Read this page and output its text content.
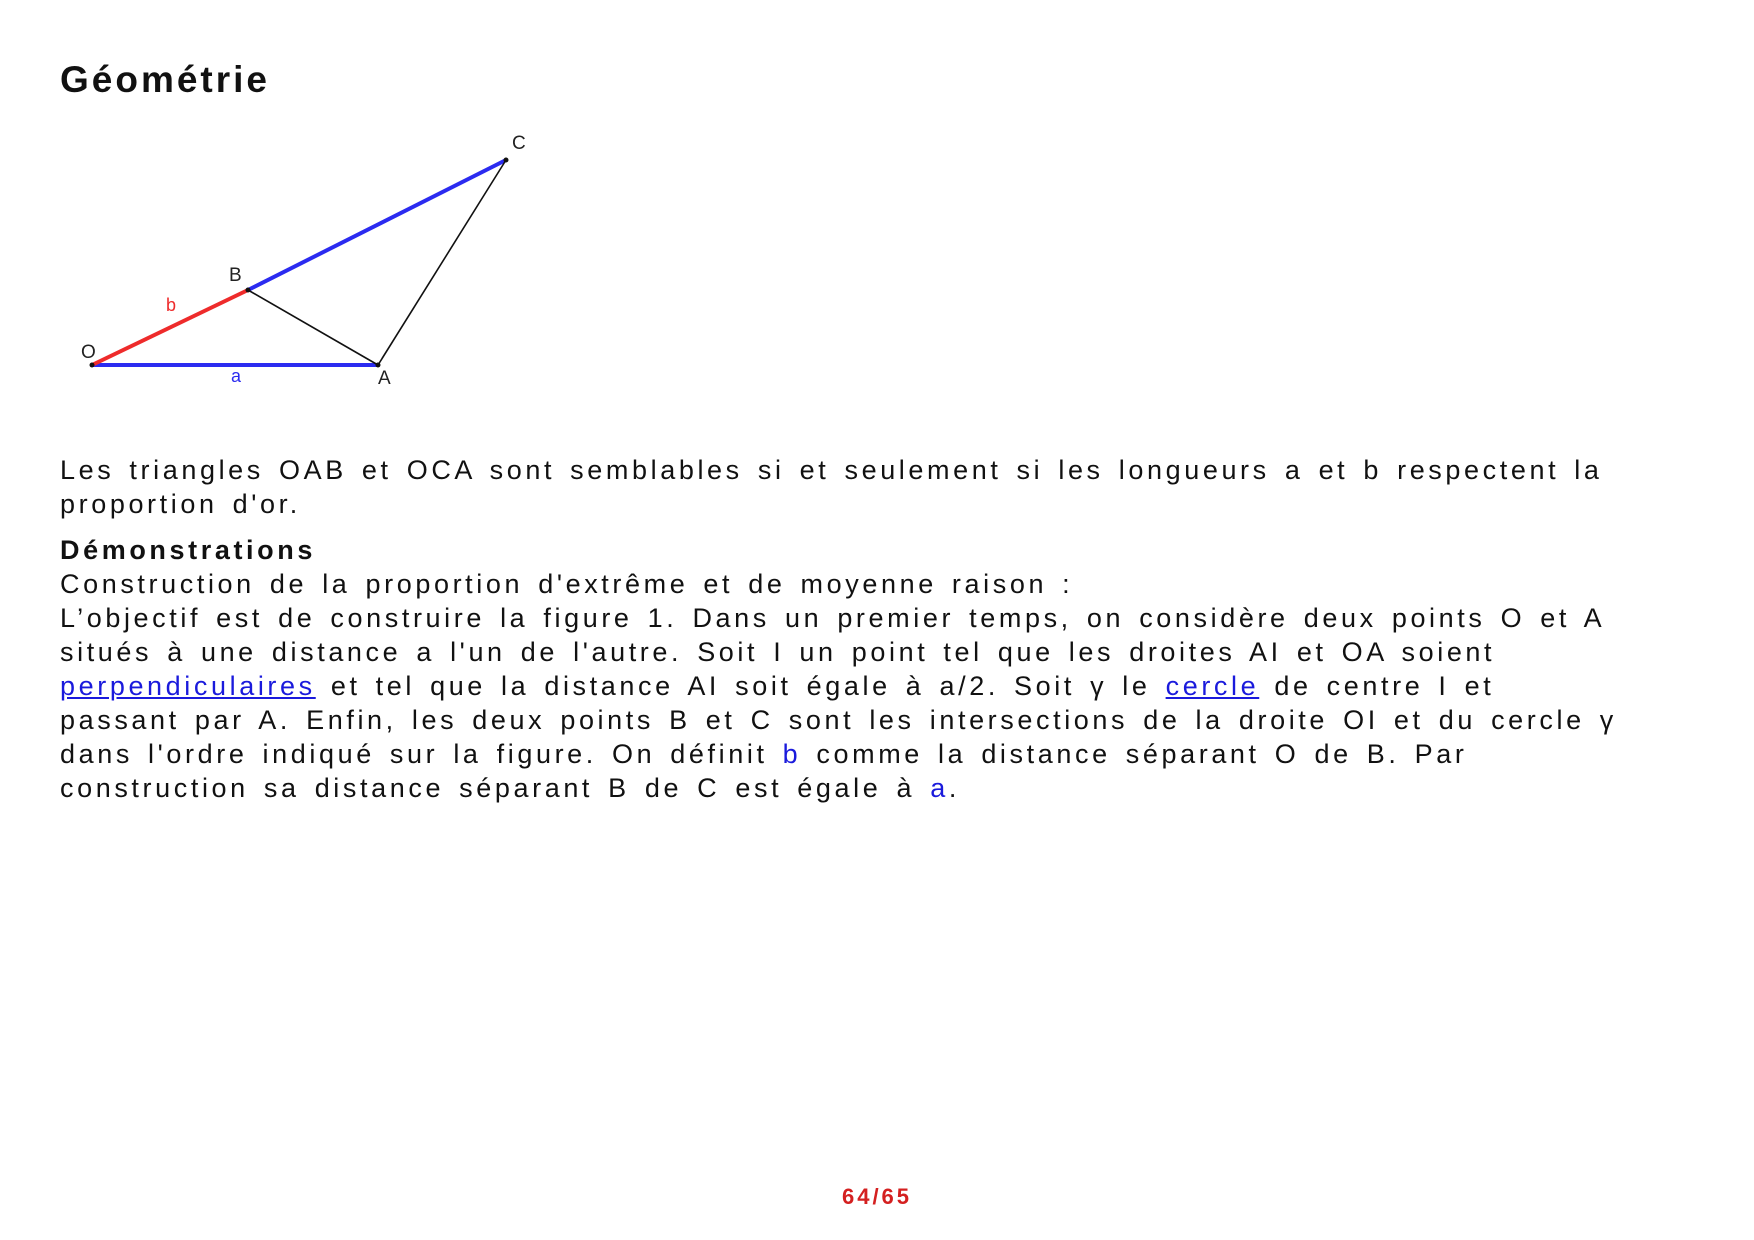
Géométrie
O
A
B
C
a
b
Les triangles OAB et OCA sont semblables si et seulement si les longueurs a et b respectent la
proportion d'or.
Démonstrations
Construction de la proportion d'extrême et de moyenne raison :
L’objectif est de construire la figure 1. Dans un premier temps, on considère deux points O et A
situés à une distance a l'un de l'autre. Soit I un point tel que les droites AI et OA soient
perpendiculaires et tel que la distance AI soit égale à a/2. Soit γ le cercle de centre I et
passant par A. Enfin, les deux points B et C sont les intersections de la droite OI et du cercle γ
dans l'ordre indiqué sur la figure. On définit b comme la distance séparant O de B. Par
construction sa distance séparant B de C est égale à a.
64/65
